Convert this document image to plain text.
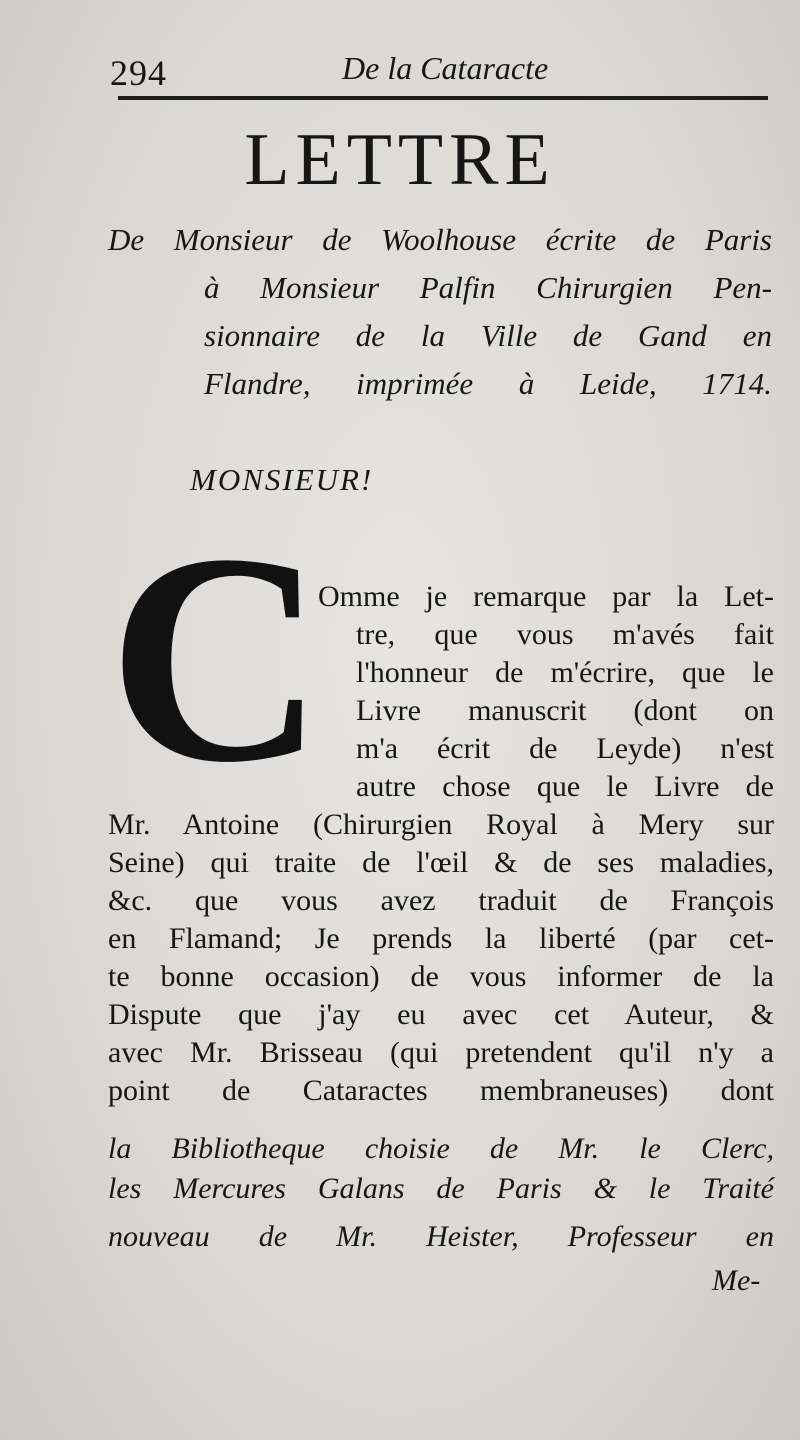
294	De la Cataracte
LETTRE
De Monsieur de Woolhouse écrite de Paris
à Monsieur Palfin Chirurgien Pen-
sionnaire de la Ville de Gand en
Flandre, imprimée à Leide, 1714.
MONSIEUR!
C
Omme je remarque par la Let-
tre, que vous m'avés fait
l'honneur de m'écrire, que le
Livre manuscrit (dont on
m'a écrit de Leyde) n'est
autre chose que le Livre de
Mr. Antoine (Chirurgien Royal à Mery sur
Seine) qui traite de l'œil & de ses maladies,
&c. que vous avez traduit de François
en Flamand; Je prends la liberté (par cet-
te bonne occasion) de vous informer de la
Dispute que j'ay eu avec cet Auteur, &
avec Mr. Brisseau (qui pretendent qu'il n'y a
point de Cataractes membraneuses) dont
la Bibliotheque choisie de Mr. le Clerc,
les Mercures Galans de Paris & le Traité
nouveau de Mr. Heister, Professeur en
Me-
